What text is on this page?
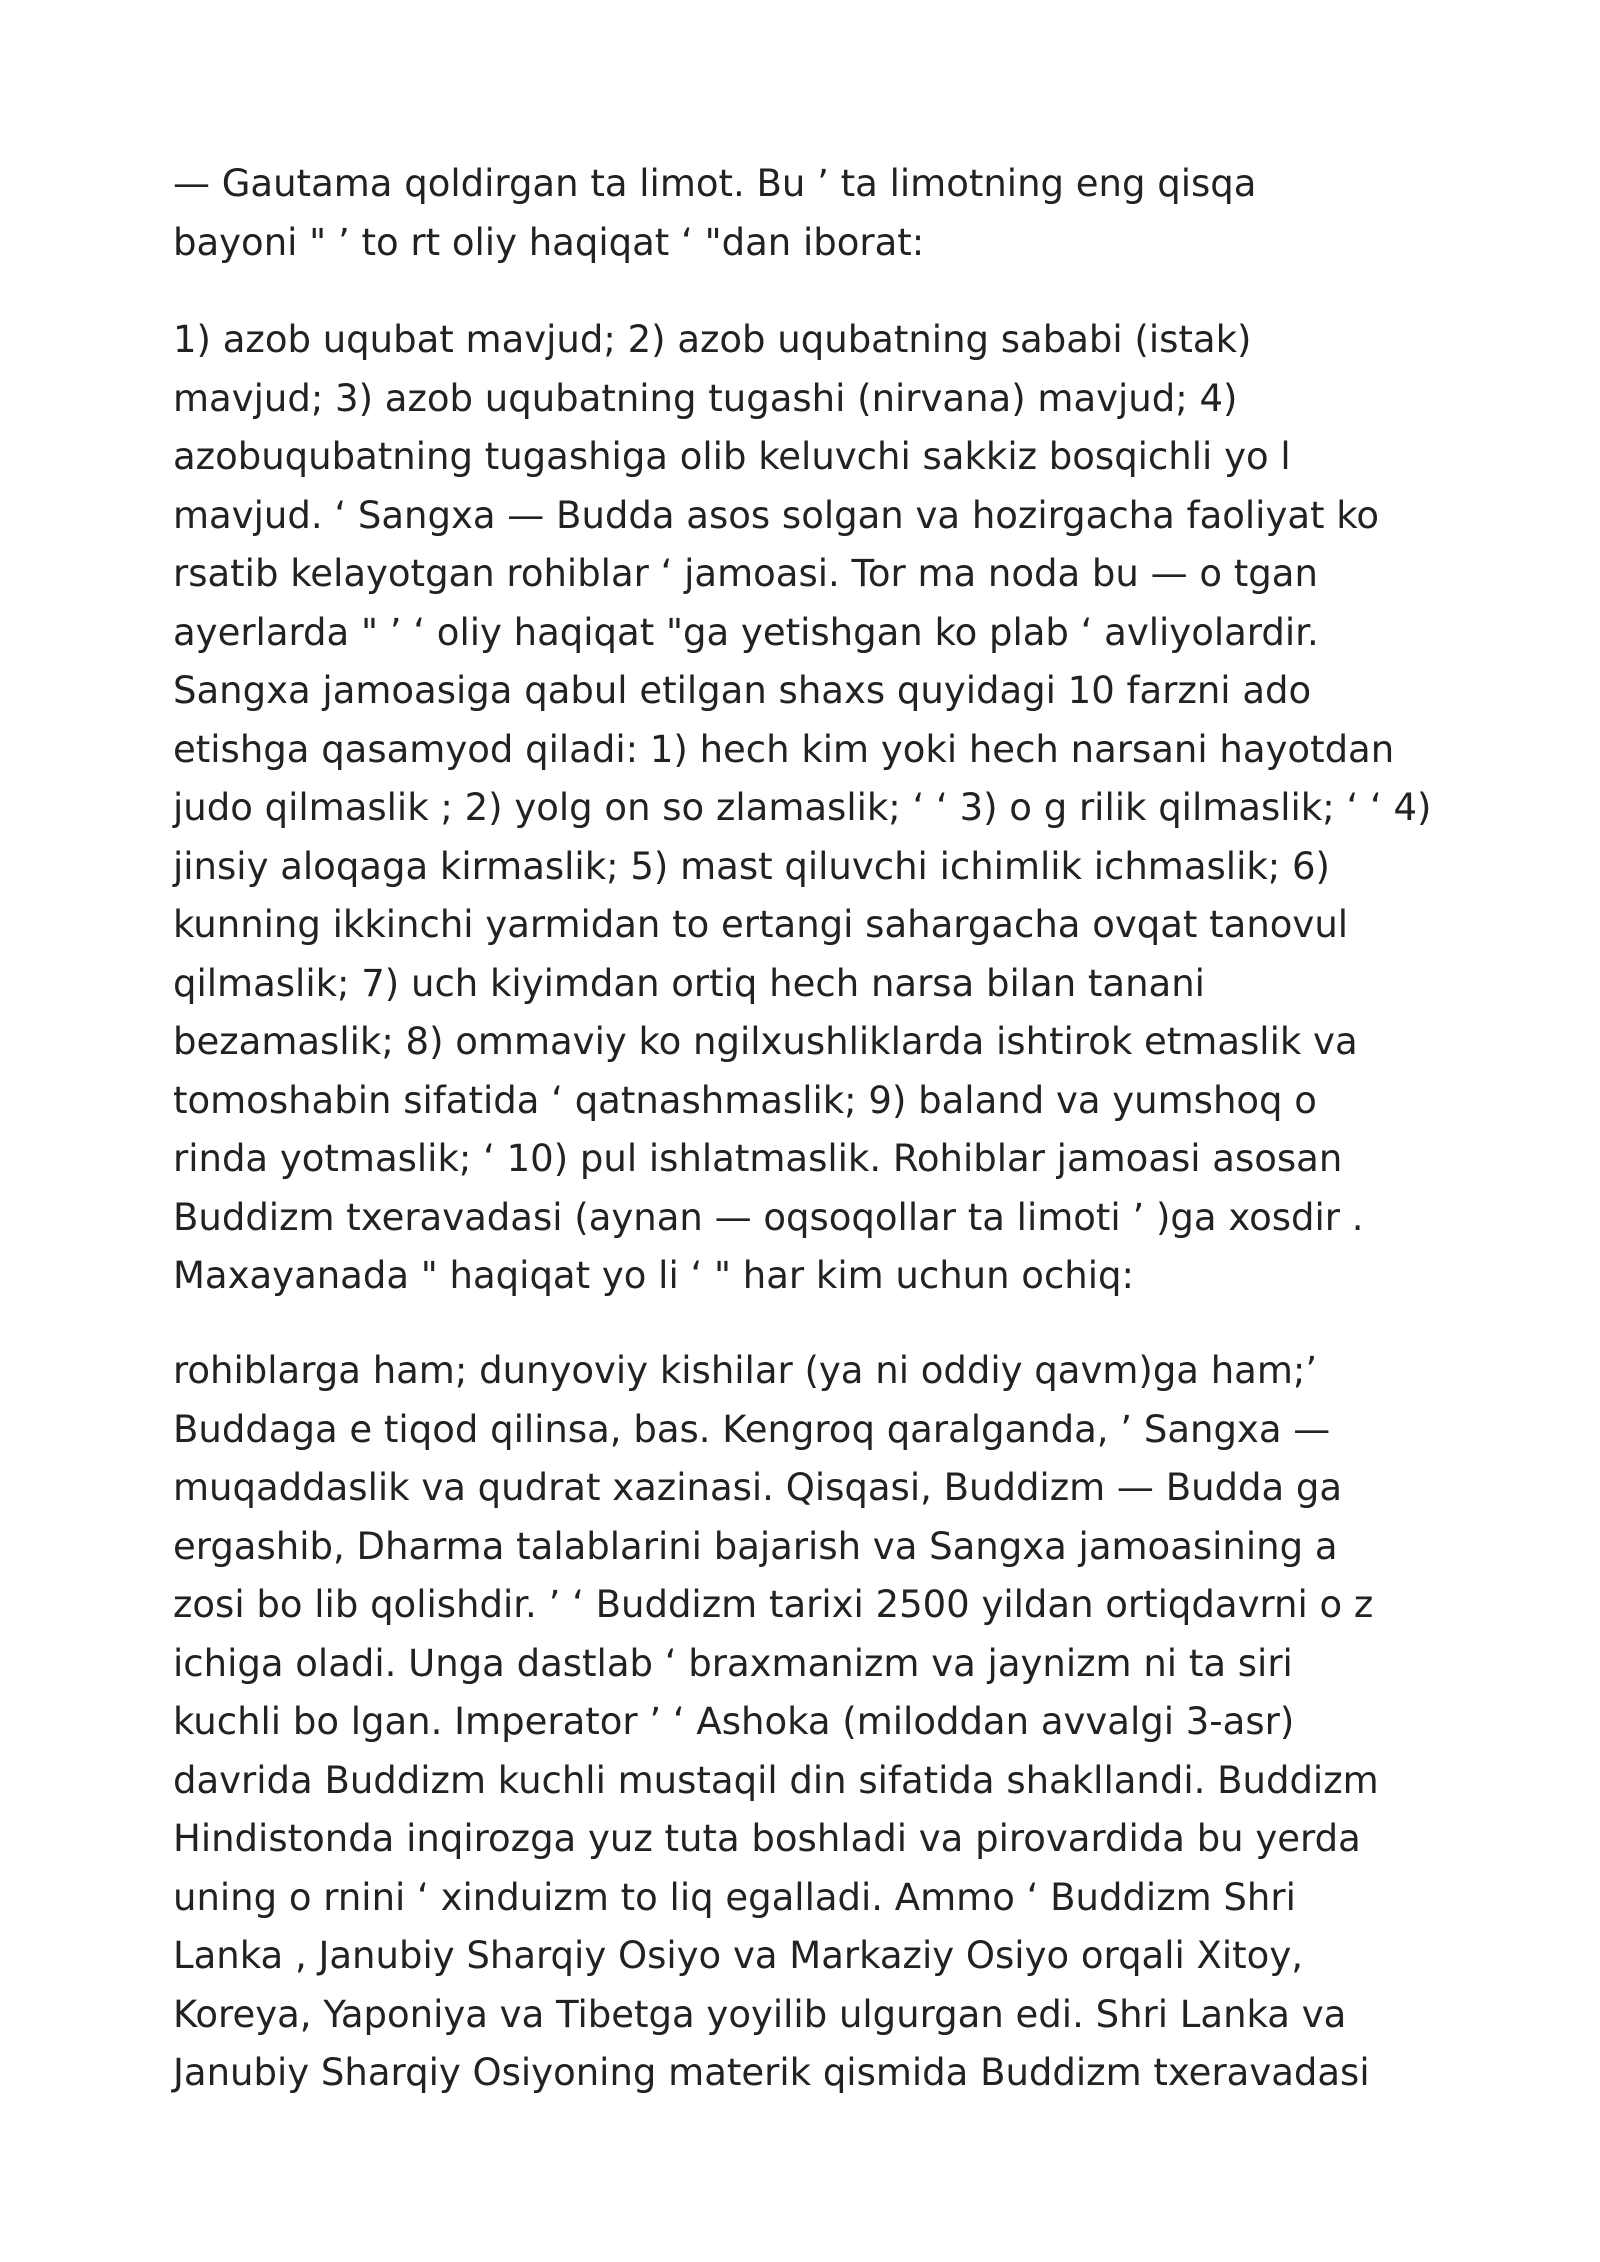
— Gautama qoldirgan ta limot. Bu ’ ta limotning eng qisqa
bayoni " ’ to rt oliy haqiqat ‘ "dan iborat:
1) azob uqubat mavjud; 2) azob uqubatning sababi (istak)
mavjud; 3) azob uqubatning tugashi (nirvana) mavjud; 4)
azobuqubatning tugashiga olib keluvchi sakkiz bosqichli yo l
mavjud. ‘ Sangxa — Budda asos solgan va hozirgacha faoliyat ko
rsatib kelayotgan rohiblar ‘ jamoasi. Tor ma noda bu — o tgan
ayerlarda " ’ ‘ oliy haqiqat "ga yetishgan ko plab ‘ avliyolardir.
Sangxa jamoasiga qabul etilgan shaxs quyidagi 10 farzni ado
etishga qasamyod qiladi: 1) hech kim yoki hech narsani hayotdan
judo qilmaslik ; 2) yolg on so zlamaslik; ‘ ‘ 3) o g rilik qilmaslik; ‘ ‘ 4)
jinsiy aloqaga kirmaslik; 5) mast qiluvchi ichimlik ichmaslik; 6)
kunning ikkinchi yarmidan to ertangi sahargacha ovqat tanovul
qilmaslik; 7) uch kiyimdan ortiq hech narsa bilan tanani
bezamaslik; 8) ommaviy ko ngilxushliklarda ishtirok etmaslik va
tomoshabin sifatida ‘ qatnashmaslik; 9) baland va yumshoq o
rinda yotmaslik; ‘ 10) pul ishlatmaslik. Rohiblar jamoasi asosan
Buddizm txeravadasi (aynan — oqsoqollar ta limoti ’ )ga xosdir .
Maxayanada " haqiqat yo li ‘ " har kim uchun ochiq:
rohiblarga ham; dunyoviy kishilar (ya ni oddiy qavm)ga ham;’
Buddaga e tiqod qilinsa, bas. Kengroq qaralganda, ’ Sangxa —
muqaddaslik va qudrat xazinasi. Qisqasi, Buddizm — Budda ga
ergashib, Dharma talablarini bajarish va Sangxa jamoasining a
zosi bo lib qolishdir. ’ ‘ Buddizm tarixi 2500 yildan ortiqdavrni o z
ichiga oladi. Unga dastlab ‘ braxmanizm va jaynizm ni ta siri
kuchli bo lgan. Imperator ’ ‘ Ashoka (miloddan avvalgi 3-asr)
davrida Buddizm kuchli mustaqil din sifatida shakllandi. Buddizm
Hindistonda inqirozga yuz tuta boshladi va pirovardida bu yerda
uning o rnini ‘ xinduizm to liq egalladi. Ammo ‘ Buddizm Shri
Lanka , Janubiy Sharqiy Osiyo va Markaziy Osiyo orqali Xitoy,
Koreya, Yaponiya va Tibetga yoyilib ulgurgan edi. Shri Lanka va
Janubiy Sharqiy Osiyoning materik qismida Buddizm txeravadasi
